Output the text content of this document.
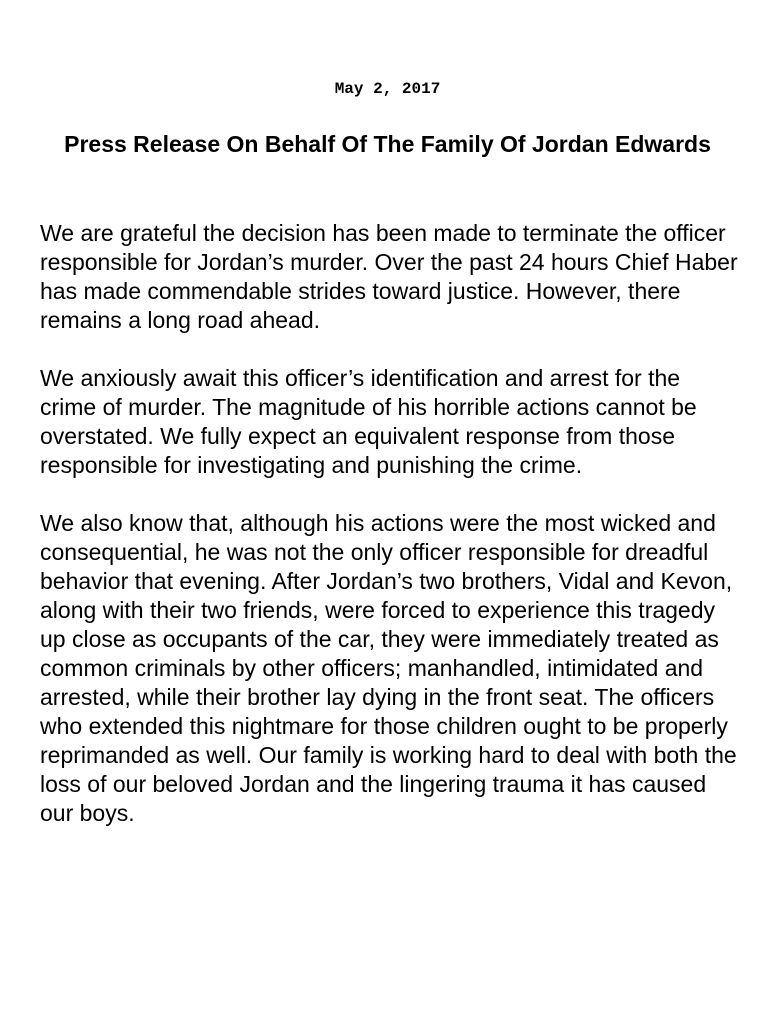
May 2, 2017

Press Release On Behalf Of The Family Of Jordan Edwards

We are grateful the decision has been made to terminate the officer responsible for Jordan’s murder. Over the past 24 hours Chief Haber has made commendable strides toward justice. However, there remains a long road ahead.

We anxiously await this officer’s identification and arrest for the crime of murder. The magnitude of his horrible actions cannot be overstated. We fully expect an equivalent response from those responsible for investigating and punishing the crime.

We also know that, although his actions were the most wicked and consequential, he was not the only officer responsible for dreadful behavior that evening. After Jordan’s two brothers, Vidal and Kevon, along with their two friends, were forced to experience this tragedy up close as occupants of the car, they were immediately treated as common criminals by other officers; manhandled, intimidated and arrested, while their brother lay dying in the front seat. The officers who extended this nightmare for those children ought to be properly reprimanded as well. Our family is working hard to deal with both the loss of our beloved Jordan and the lingering trauma it has caused our boys.
